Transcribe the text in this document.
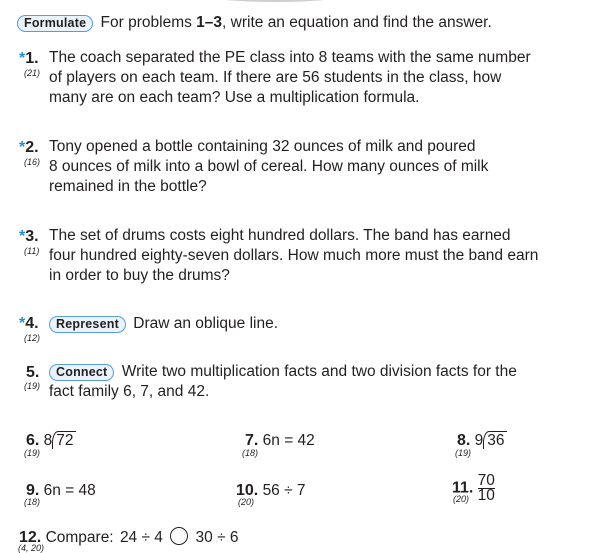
Formulate For problems 1–3, write an equation and find the answer.
*1.
(21)
The coach separated the PE class into 8 teams with the same number
of players on each team. If there are 56 students in the class, how
many are on each team? Use a multiplication formula.
*2.
(16)
Tony opened a bottle containing 32 ounces of milk and poured
8 ounces of milk into a bowl of cereal. How many ounces of milk
remained in the bottle?
*3.
(11)
The set of drums costs eight hundred dollars. The band has earned
four hundred eighty-seven dollars. How much more must the band earn
in order to buy the drums?
*4.
(12)
Represent Draw an oblique line.
5.
(19)
Connect Write two multiplication facts and two division facts for the
fact family 6, 7, and 42.
6. 8 72
(19)
7. 6n = 42
(18)
8. 9 36
(19)
9. 6n = 48
(18)
10. 56 ÷ 7
(20)
11. $\frac{70}{10}$
(20)
12. Compare: 24 ÷ 4 30 ÷ 6
(4, 20)
